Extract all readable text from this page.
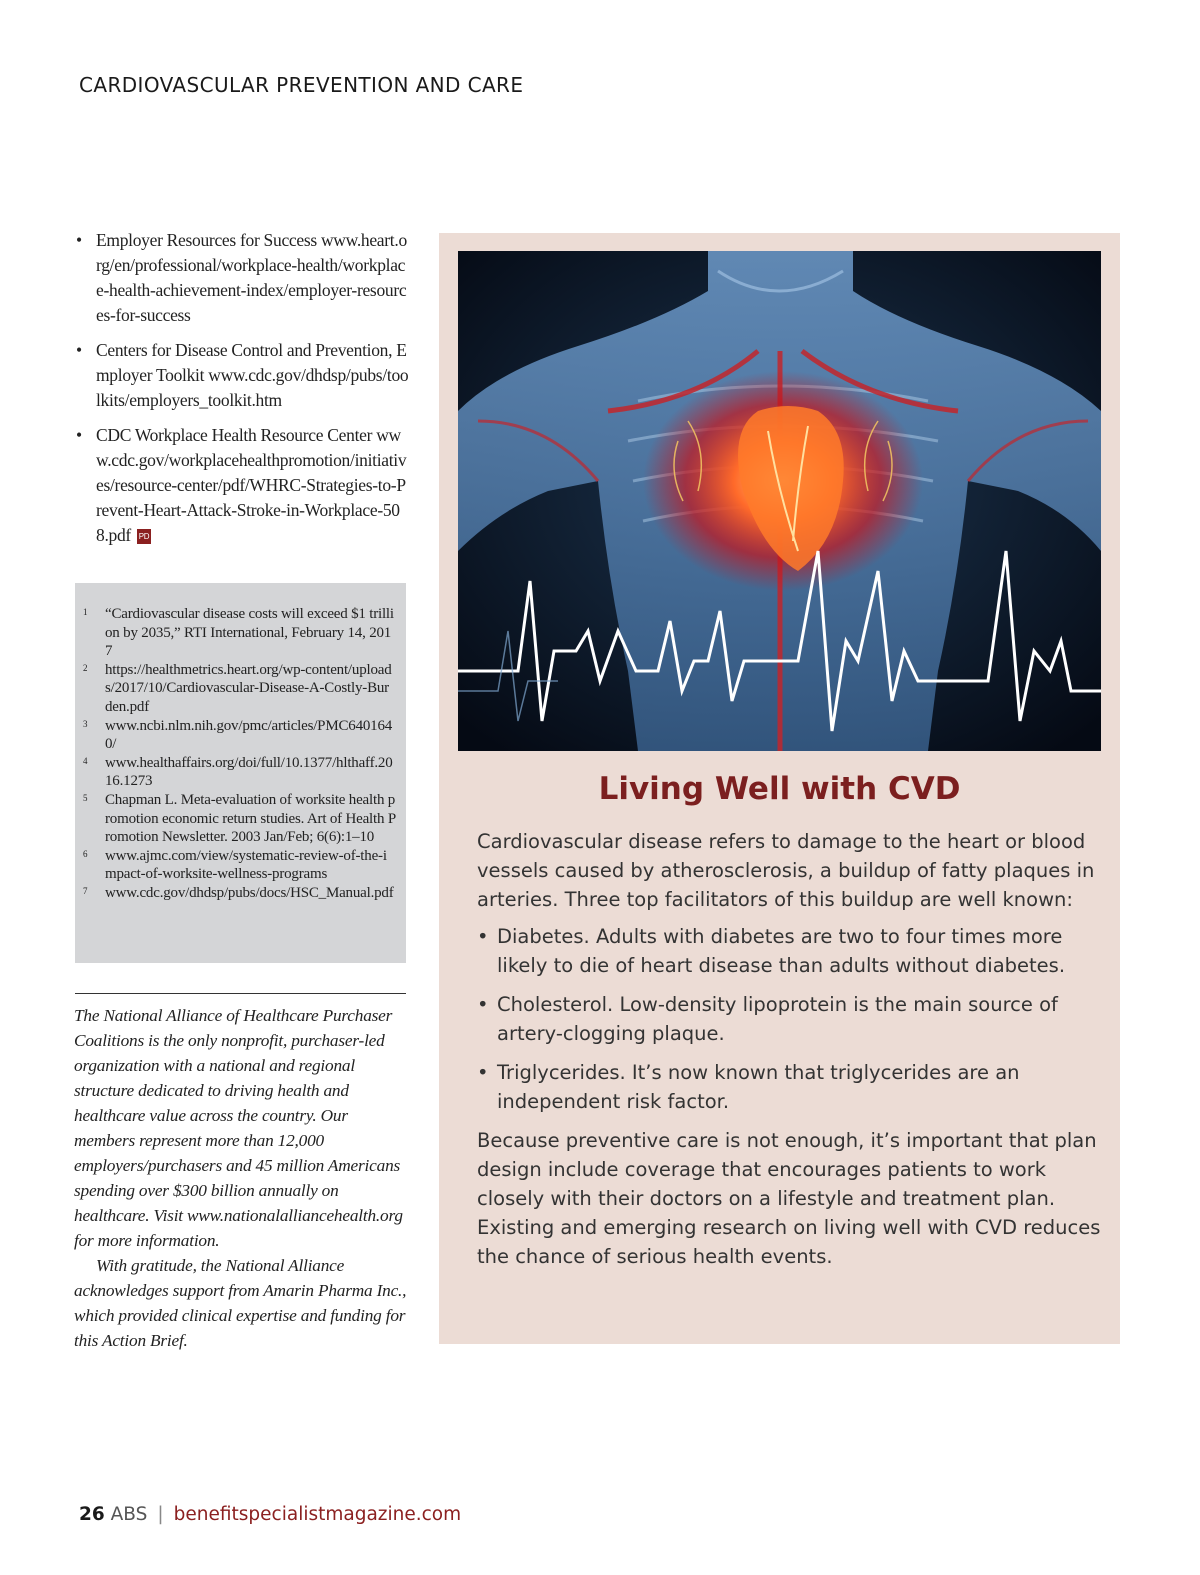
CARDIOVASCULAR PREVENTION AND CARE
• Employer Resources for Success www.heart.org/en/professional/workplace-health/workplace-health-achievement-index/employer-resources-for-success
• Centers for Disease Control and Prevention, Employer Toolkit www.cdc.gov/dhdsp/pubs/toolkits/employers_toolkit.htm
• CDC Workplace Health Resource Center www.cdc.gov/workplacehealthpromotion/initiatives/resource-center/pdf/WHRC-Strategies-to-Prevent-Heart-Attack-Stroke-in-Workplace-508.pdf PDF
1 “Cardiovascular disease costs will exceed $1 trillion by 2035,” RTI International, February 14, 2017
2 https://healthmetrics.heart.org/wp-content/uploads/2017/10/Cardiovascular-Disease-A-Costly-Burden.pdf
3 www.ncbi.nlm.nih.gov/pmc/articles/PMC6401640/
4 www.healthaffairs.org/doi/full/10.1377/hlthaff.2016.1273
5 Chapman L. Meta-evaluation of worksite health promotion economic return studies. Art of Health Promotion Newsletter. 2003 Jan/Feb; 6(6):1–10
6 www.ajmc.com/view/systematic-review-of-the-impact-of-worksite-wellness-programs
7 www.cdc.gov/dhdsp/pubs/docs/HSC_Manual.pdf

The National Alliance of Healthcare Purchaser Coalitions is the only nonprofit, purchaser-led organization with a national and regional structure dedicated to driving health and healthcare value across the country. Our members represent more than 12,000 employers/purchasers and 45 million Americans spending over $300 billion annually on healthcare. Visit www.nationalalliancehealth.org for more information.

With gratitude, the National Alliance acknowledges support from Amarin Pharma Inc., which provided clinical expertise and funding for this Action Brief.

Living Well with CVD

Cardiovascular disease refers to damage to the heart or blood vessels caused by atherosclerosis, a buildup of fatty plaques in arteries. Three top facilitators of this buildup are well known:

• Diabetes. Adults with diabetes are two to four times more likely to die of heart disease than adults without diabetes.
• Cholesterol. Low-density lipoprotein is the main source of artery-clogging plaque.
• Triglycerides. It’s now known that triglycerides are an independent risk factor.

Because preventive care is not enough, it’s important that plan design include coverage that encourages patients to work closely with their doctors on a lifestyle and treatment plan. Existing and emerging research on living well with CVD reduces the chance of serious health events.

26 ABS | benefitspecialistmagazine.com
